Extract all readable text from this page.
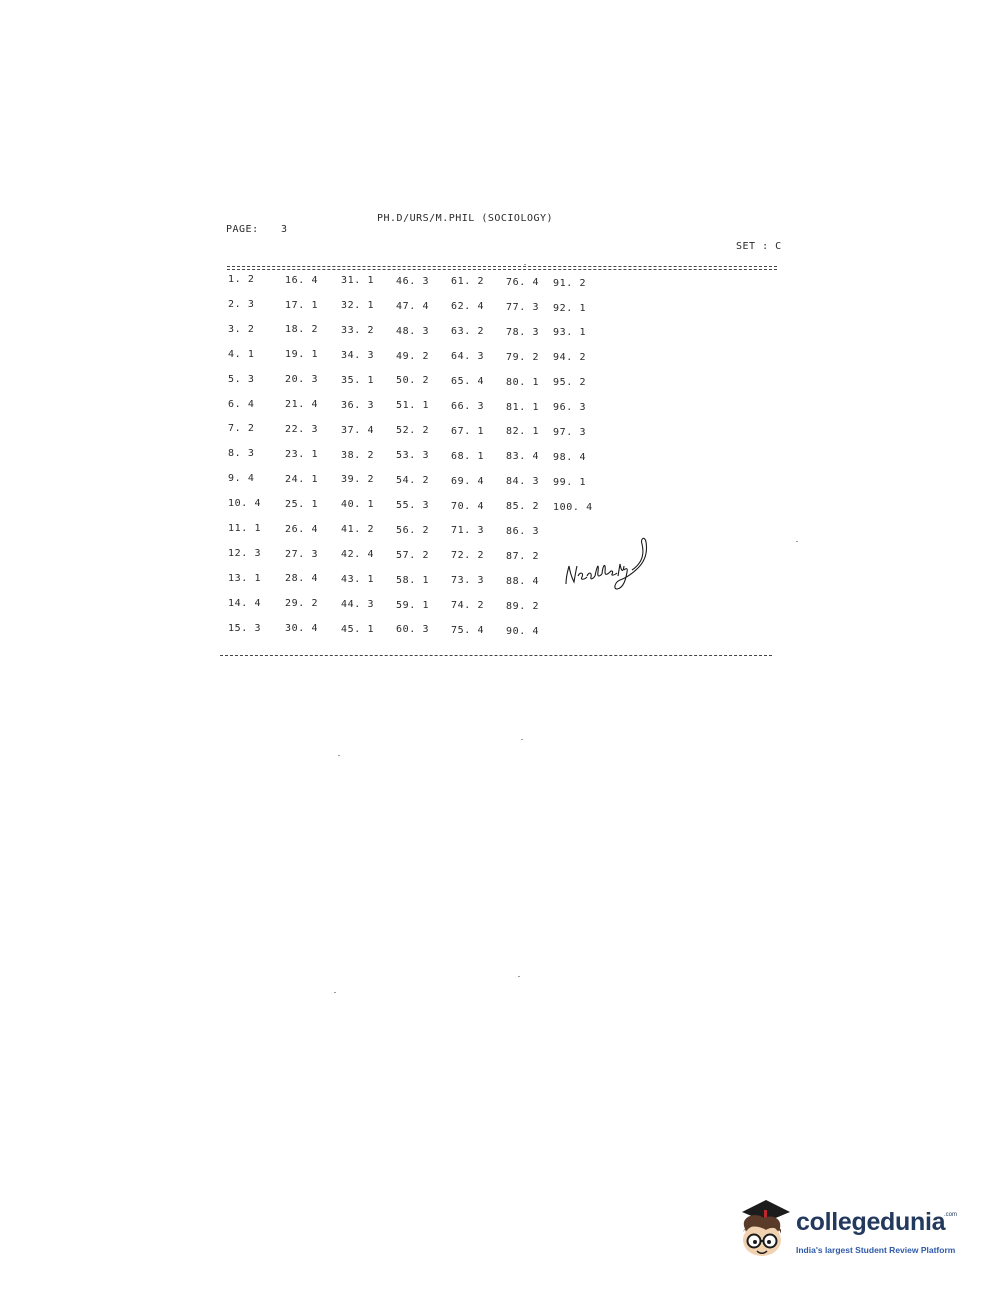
PH.D/URS/M.PHIL (SOCIOLOGY)
PAGE: 3
SET : C
1. 2
2. 3
3. 2
4. 1
5. 3
6. 4
7. 2
8. 3
9. 4
10. 4
11. 1
12. 3
13. 1
14. 4
15. 3
16. 4
17. 1
18. 2
19. 1
20. 3
21. 4
22. 3
23. 1
24. 1
25. 1
26. 4
27. 3
28. 4
29. 2
30. 4
31. 1
32. 1
33. 2
34. 3
35. 1
36. 3
37. 4
38. 2
39. 2
40. 1
41. 2
42. 4
43. 1
44. 3
45. 1
46. 3
47. 4
48. 3
49. 2
50. 2
51. 1
52. 2
53. 3
54. 2
55. 3
56. 2
57. 2
58. 1
59. 1
60. 3
61. 2
62. 4
63. 2
64. 3
65. 4
66. 3
67. 1
68. 1
69. 4
70. 4
71. 3
72. 2
73. 3
74. 2
75. 4
76. 4
77. 3
78. 3
79. 2
80. 1
81. 1
82. 1
83. 4
84. 3
85. 2
86. 3
87. 2
88. 4
89. 2
90. 4
91. 2
92. 1
93. 1
94. 2
95. 2
96. 3
97. 3
98. 4
99. 1
100. 4
collegedunia
.com
India's largest Student Review Platform
